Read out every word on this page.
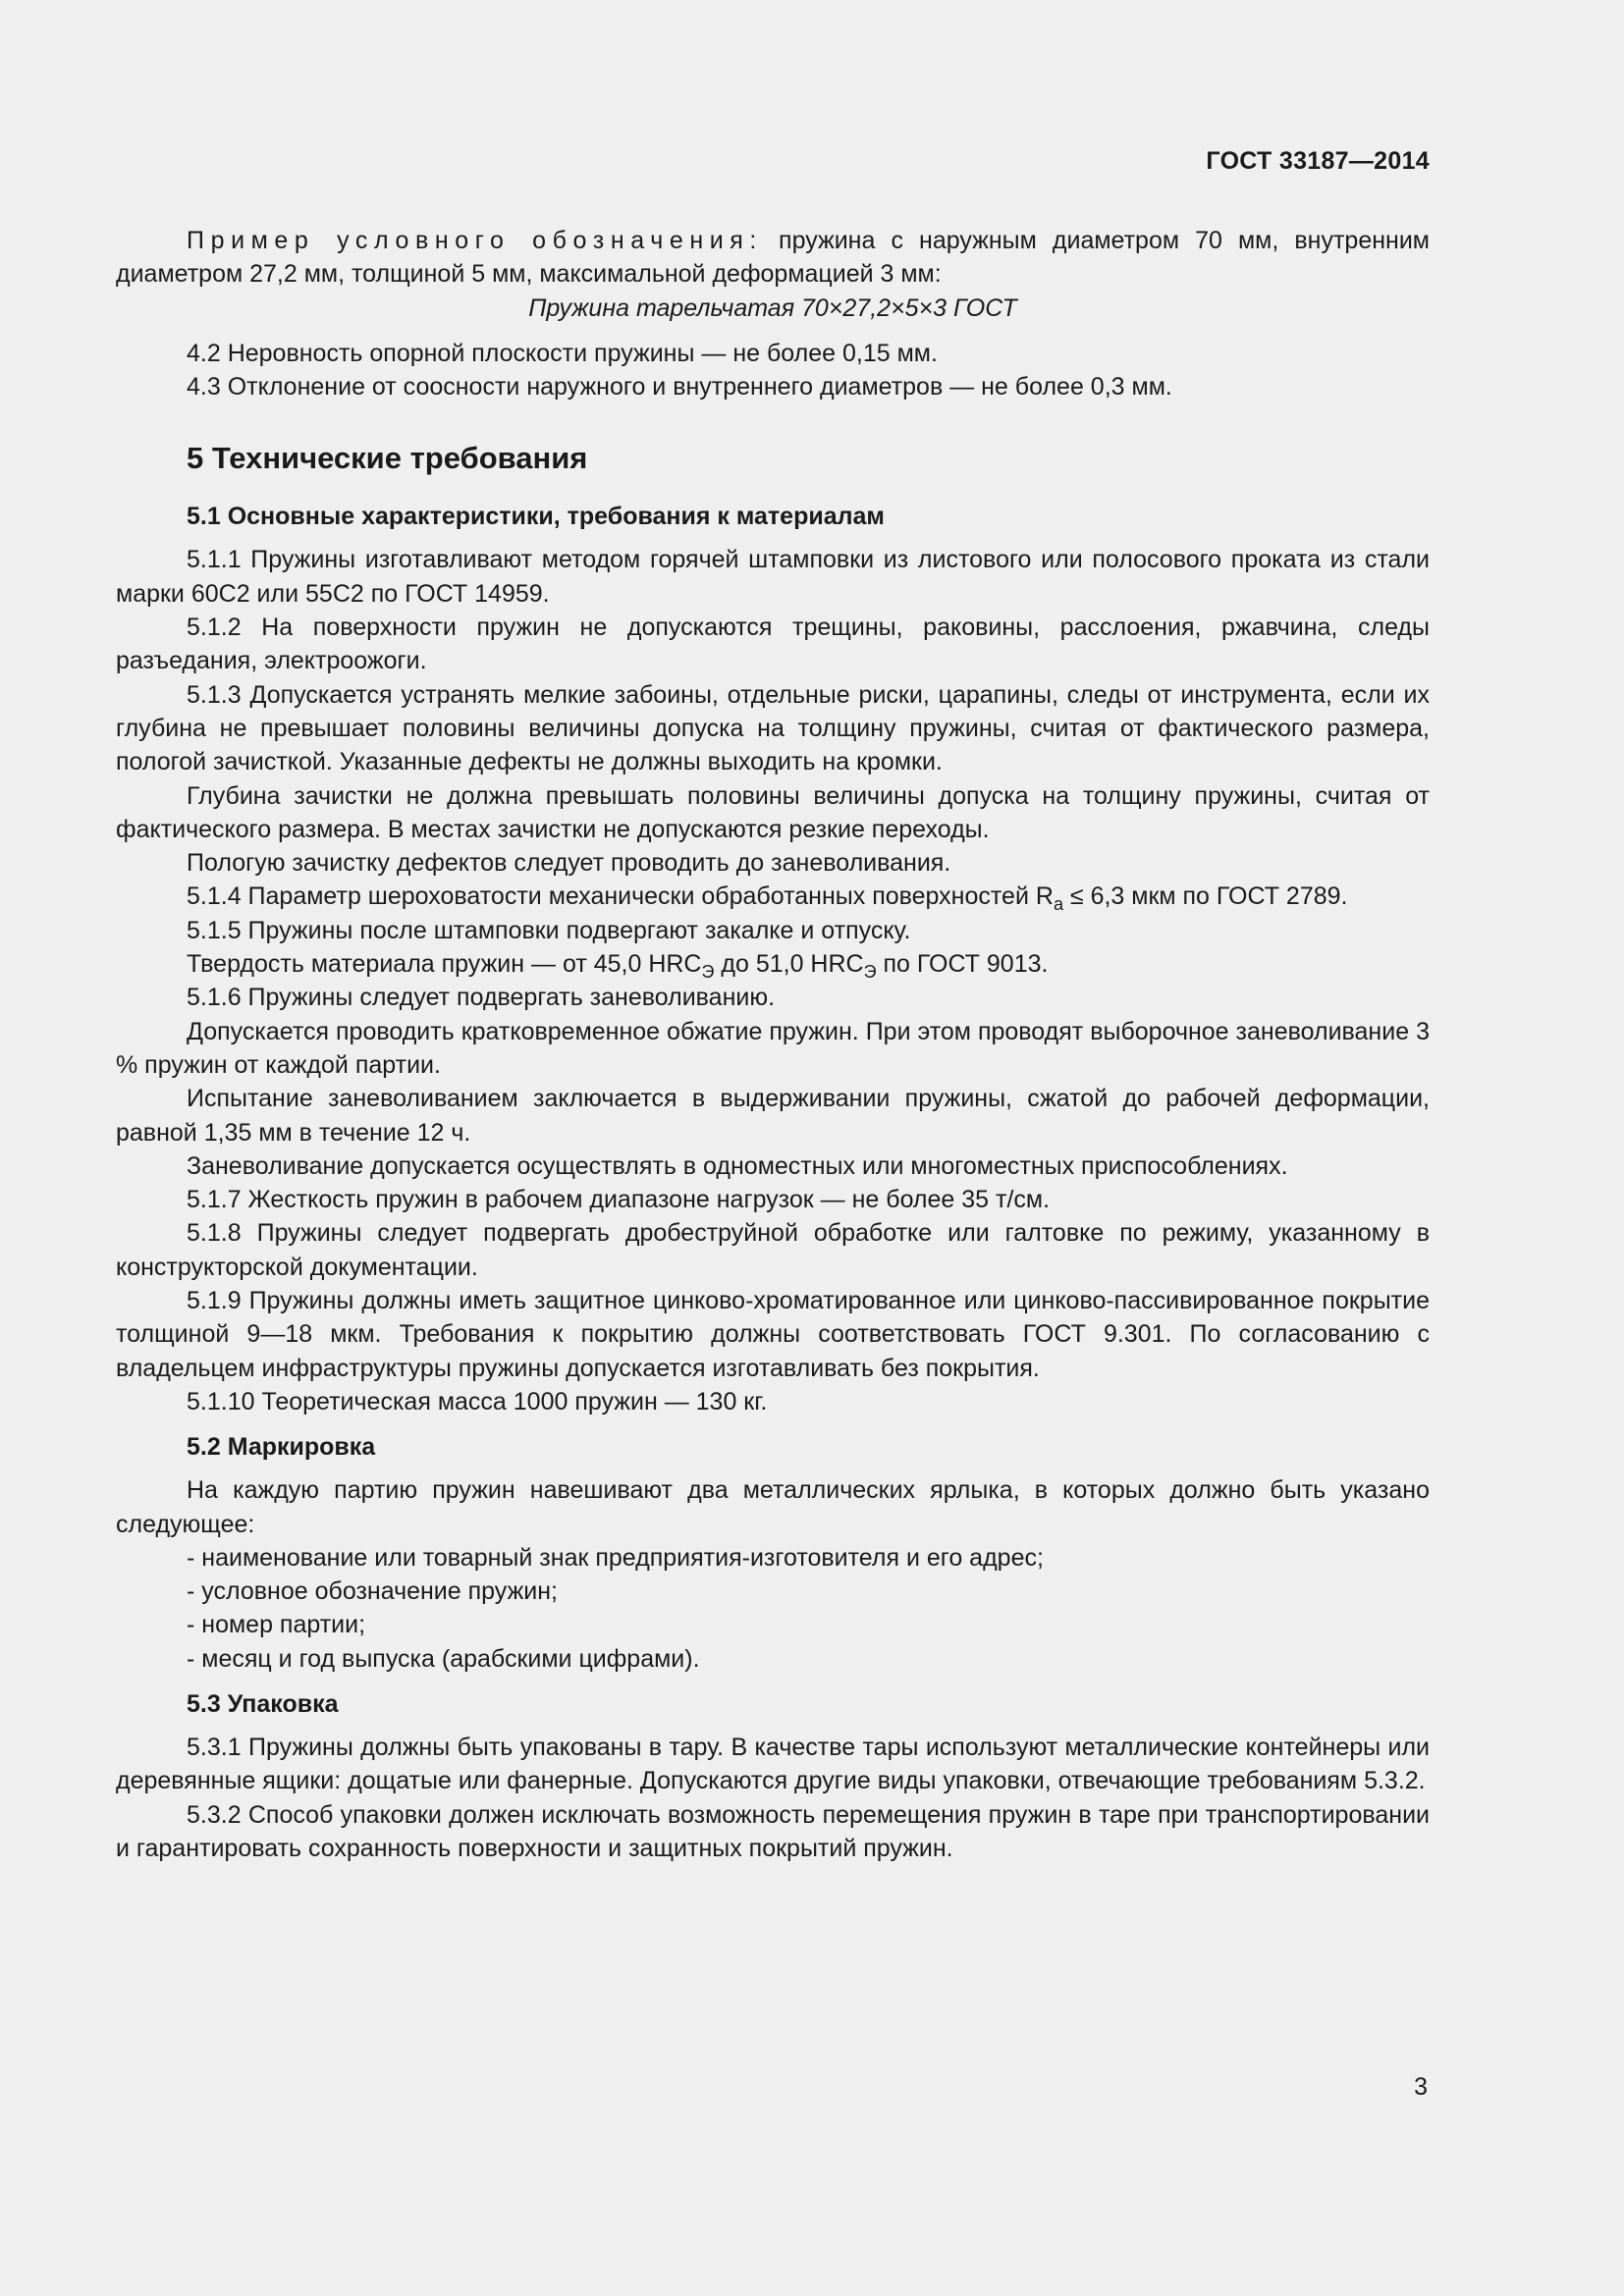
ГОСТ 33187—2014

Пример условного обозначения: пружина с наружным диаметром 70 мм, внутренним диаметром 27,2 мм, толщиной 5 мм, максимальной деформацией 3 мм:

Пружина тарельчатая 70×27,2×5×3 ГОСТ

4.2 Неровность опорной плоскости пружины — не более 0,15 мм.

4.3 Отклонение от соосности наружного и внутреннего диаметров — не более 0,3 мм.

5 Технические требования
5.1 Основные характеристики, требования к материалам

5.1.1 Пружины изготавливают методом горячей штамповки из листового или полосового проката из стали марки 60С2 или 55С2 по ГОСТ 14959.

5.1.2 На поверхности пружин не допускаются трещины, раковины, расслоения, ржавчина, следы разъедания, электроожоги.

5.1.3 Допускается устранять мелкие забоины, отдельные риски, царапины, следы от инструмента, если их глубина не превышает половины величины допуска на толщину пружины, считая от фактического размера, пологой зачисткой. Указанные дефекты не должны выходить на кромки.

Глубина зачистки не должна превышать половины величины допуска на толщину пружины, считая от фактического размера. В местах зачистки не допускаются резкие переходы.

Пологую зачистку дефектов следует проводить до заневоливания.

5.1.4 Параметр шероховатости механически обработанных поверхностей $R_a \le 6,3$ мкм по ГОСТ 2789.

5.1.5 Пружины после штамповки подвергают закалке и отпуску.

Твердость материала пружин — от 45,0 $HRC_Э$ до 51,0 $HRC_Э$ по ГОСТ 9013.

5.1.6 Пружины следует подвергать заневоливанию.

Допускается проводить кратковременное обжатие пружин. При этом проводят выборочное заневоливание 3 % пружин от каждой партии.

Испытание заневоливанием заключается в выдерживании пружины, сжатой до рабочей деформации, равной 1,35 мм в течение 12 ч.

Заневоливание допускается осуществлять в одноместных или многоместных приспособлениях.

5.1.7 Жесткость пружин в рабочем диапазоне нагрузок — не более 35 т/см.

5.1.8 Пружины следует подвергать дробеструйной обработке или галтовке по режиму, указанному в конструкторской документации.

5.1.9 Пружины должны иметь защитное цинково-хроматированное или цинково-пассивированное покрытие толщиной 9—18 мкм. Требования к покрытию должны соответствовать ГОСТ 9.301. По согласованию с владельцем инфраструктуры пружины допускается изготавливать без покрытия.

5.1.10 Теоретическая масса 1000 пружин — 130 кг.

5.2 Маркировка

На каждую партию пружин навешивают два металлических ярлыка, в которых должно быть указано следующее:

- наименование или товарный знак предприятия-изготовителя и его адрес;
- условное обозначение пружин;
- номер партии;
- месяц и год выпуска (арабскими цифрами).
5.3 Упаковка

5.3.1 Пружины должны быть упакованы в тару. В качестве тары используют металлические контейнеры или деревянные ящики: дощатые или фанерные. Допускаются другие виды упаковки, отвечающие требованиям 5.3.2.

5.3.2 Способ упаковки должен исключать возможность перемещения пружин в таре при транспортировании и гарантировать сохранность поверхности и защитных покрытий пружин.

3
